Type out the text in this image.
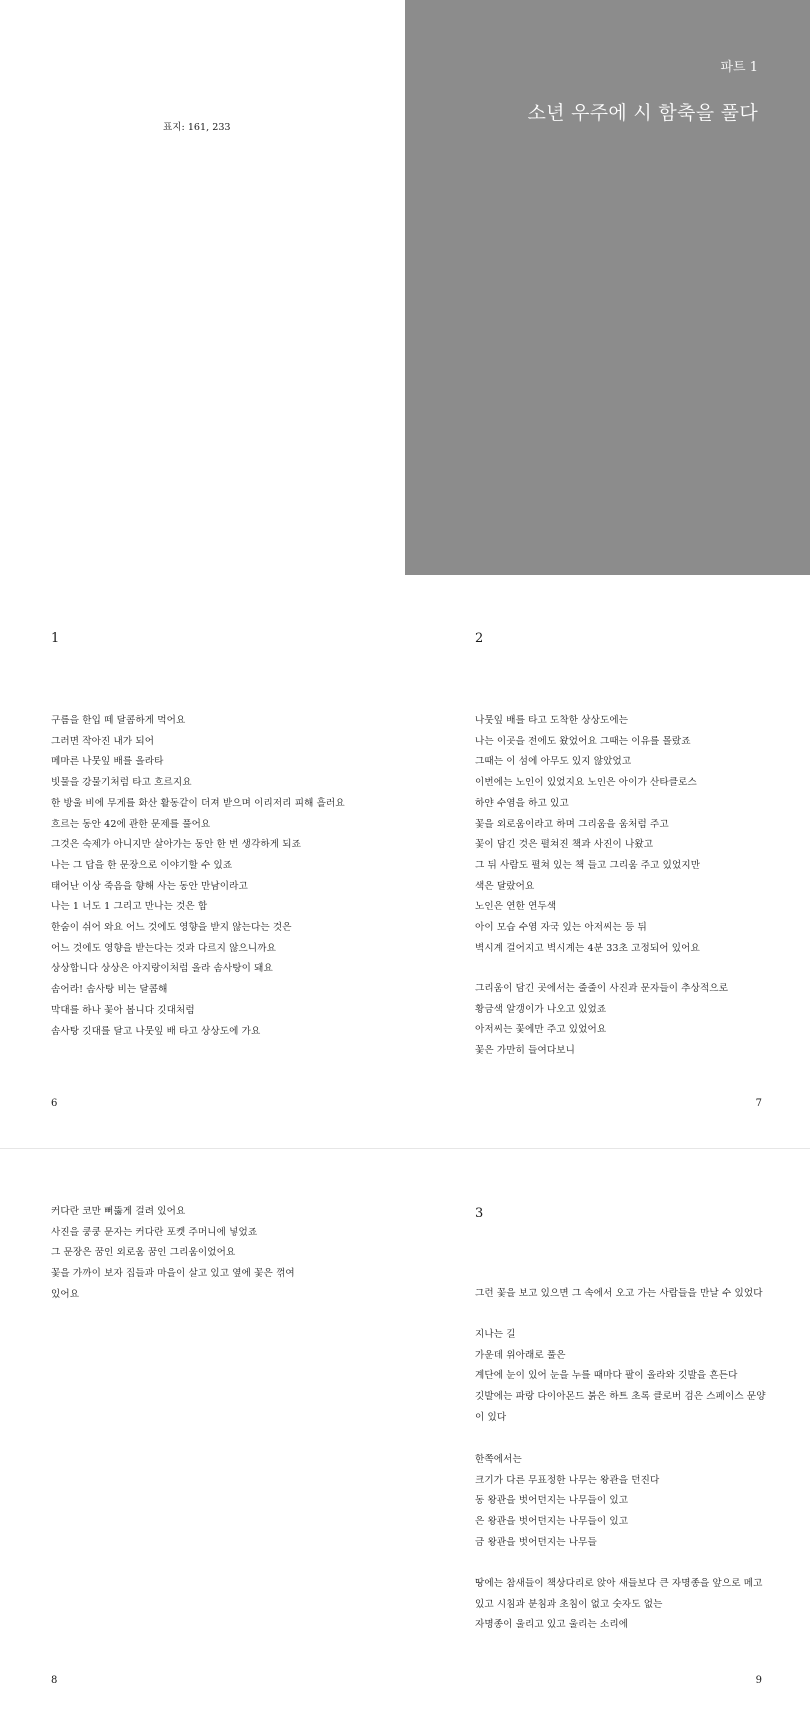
표지: 161, 233
파트 1
소년 우주에 시 함축을 풀다
1
구름을 한입 떼 달콤하게 먹어요
그러면 작아진 내가 되어
메마른 나뭇잎 배를 올라타
빗물을 강물기처럼 타고 흐르지요
한 방울 비에 무게를 화산 활동같이 더져 받으며 이리저리 피해 흘러요
흐르는 동안 42에 관한 문제를 풀어요
그것은 숙제가 아니지만 살아가는 동안 한 번 생각하게 되죠
나는 그 답을 한 문장으로 이야기할 수 있죠
태어난 이상 죽음을 향해 사는 동안 만남이라고
나는 1 너도 1 그리고 만나는 것은 합
한숨이 쉬어 와요 어느 것에도 영향을 받지 않는다는 것은
어느 것에도 영향을 받는다는 것과 다르지 않으니까요
상상합니다 상상은 아지랑이처럼 올라 솜사탕이 돼요
솜어라! 솜사탕 비는 달콤해
막대를 하나 꽃아 봅니다 깃대처럼
솜사탕 깃대를 달고 나뭇잎 배 타고 상상도에 가요
6
2
나뭇잎 배를 타고 도착한 상상도에는
나는 이곳을 전에도 왔었어요 그때는 이유를 몰랐죠
그때는 이 섬에 아무도 있지 않았었고
이번에는 노인이 있었지요 노인은 아이가 산타클로스
하얀 수염을 하고 있고
꽃을 외로움이라고 하며 그리움을 움처럼 주고
꽃이 담긴 것은 펼쳐진 책과 사진이 나왔고
그 뒤 사람도 펼쳐 있는 책 들고 그리움 주고 있었지만
색은 달랐어요
노인은 연한 연두색
아이 모습 수염 자국 있는 아저씨는 등 뒤
벽시계 걸어지고 벽시계는 4분 33초 고정되어 있어요
그리움이 담긴 곳에서는 줄줄이 사진과 문자들이 추상적으로
황금색 알갱이가 나오고 있었죠
아저씨는 꽃에만 주고 있었어요
꽃은 가만히 들여다보니
7
커다란 코만 뻐뚫게 걸려 있어요
사진을 쿵쿵 문자는 커다란 포켓 주머니에 넣었죠
그 문장은 꿈인 외로움 꿈인 그리움이었어요
꽃을 가까이 보자 집들과 마을이 살고 있고 옆에 꽃은 꺾여
있어요
8
3
그런 꽃을 보고 있으면 그 속에서 오고 가는 사람들을 만날 수 있었다
지나는 길
가운데 위아래로 풀은
계단에 눈이 있어 눈을 누를 때마다 팔이 올라와 깃발을 흔든다
깃발에는 파랑 다이아몬드 붉은 하트 초록 클로버 검은 스페이스 문양
이 있다
한쪽에서는
크기가 다른 무표정한 나무는 왕관을 던진다
동 왕관을 벗어던지는 나무들이 있고
은 왕관을 벗어던지는 나무들이 있고
금 왕관을 벗어던지는 나무들
땅에는 참새들이 책상다리로 앉아 새들보다 큰 자명종을 앞으로 메고
있고 시침과 분침과 초침이 없고 숫자도 없는
자명종이 울리고 있고 울리는 소리에
9
